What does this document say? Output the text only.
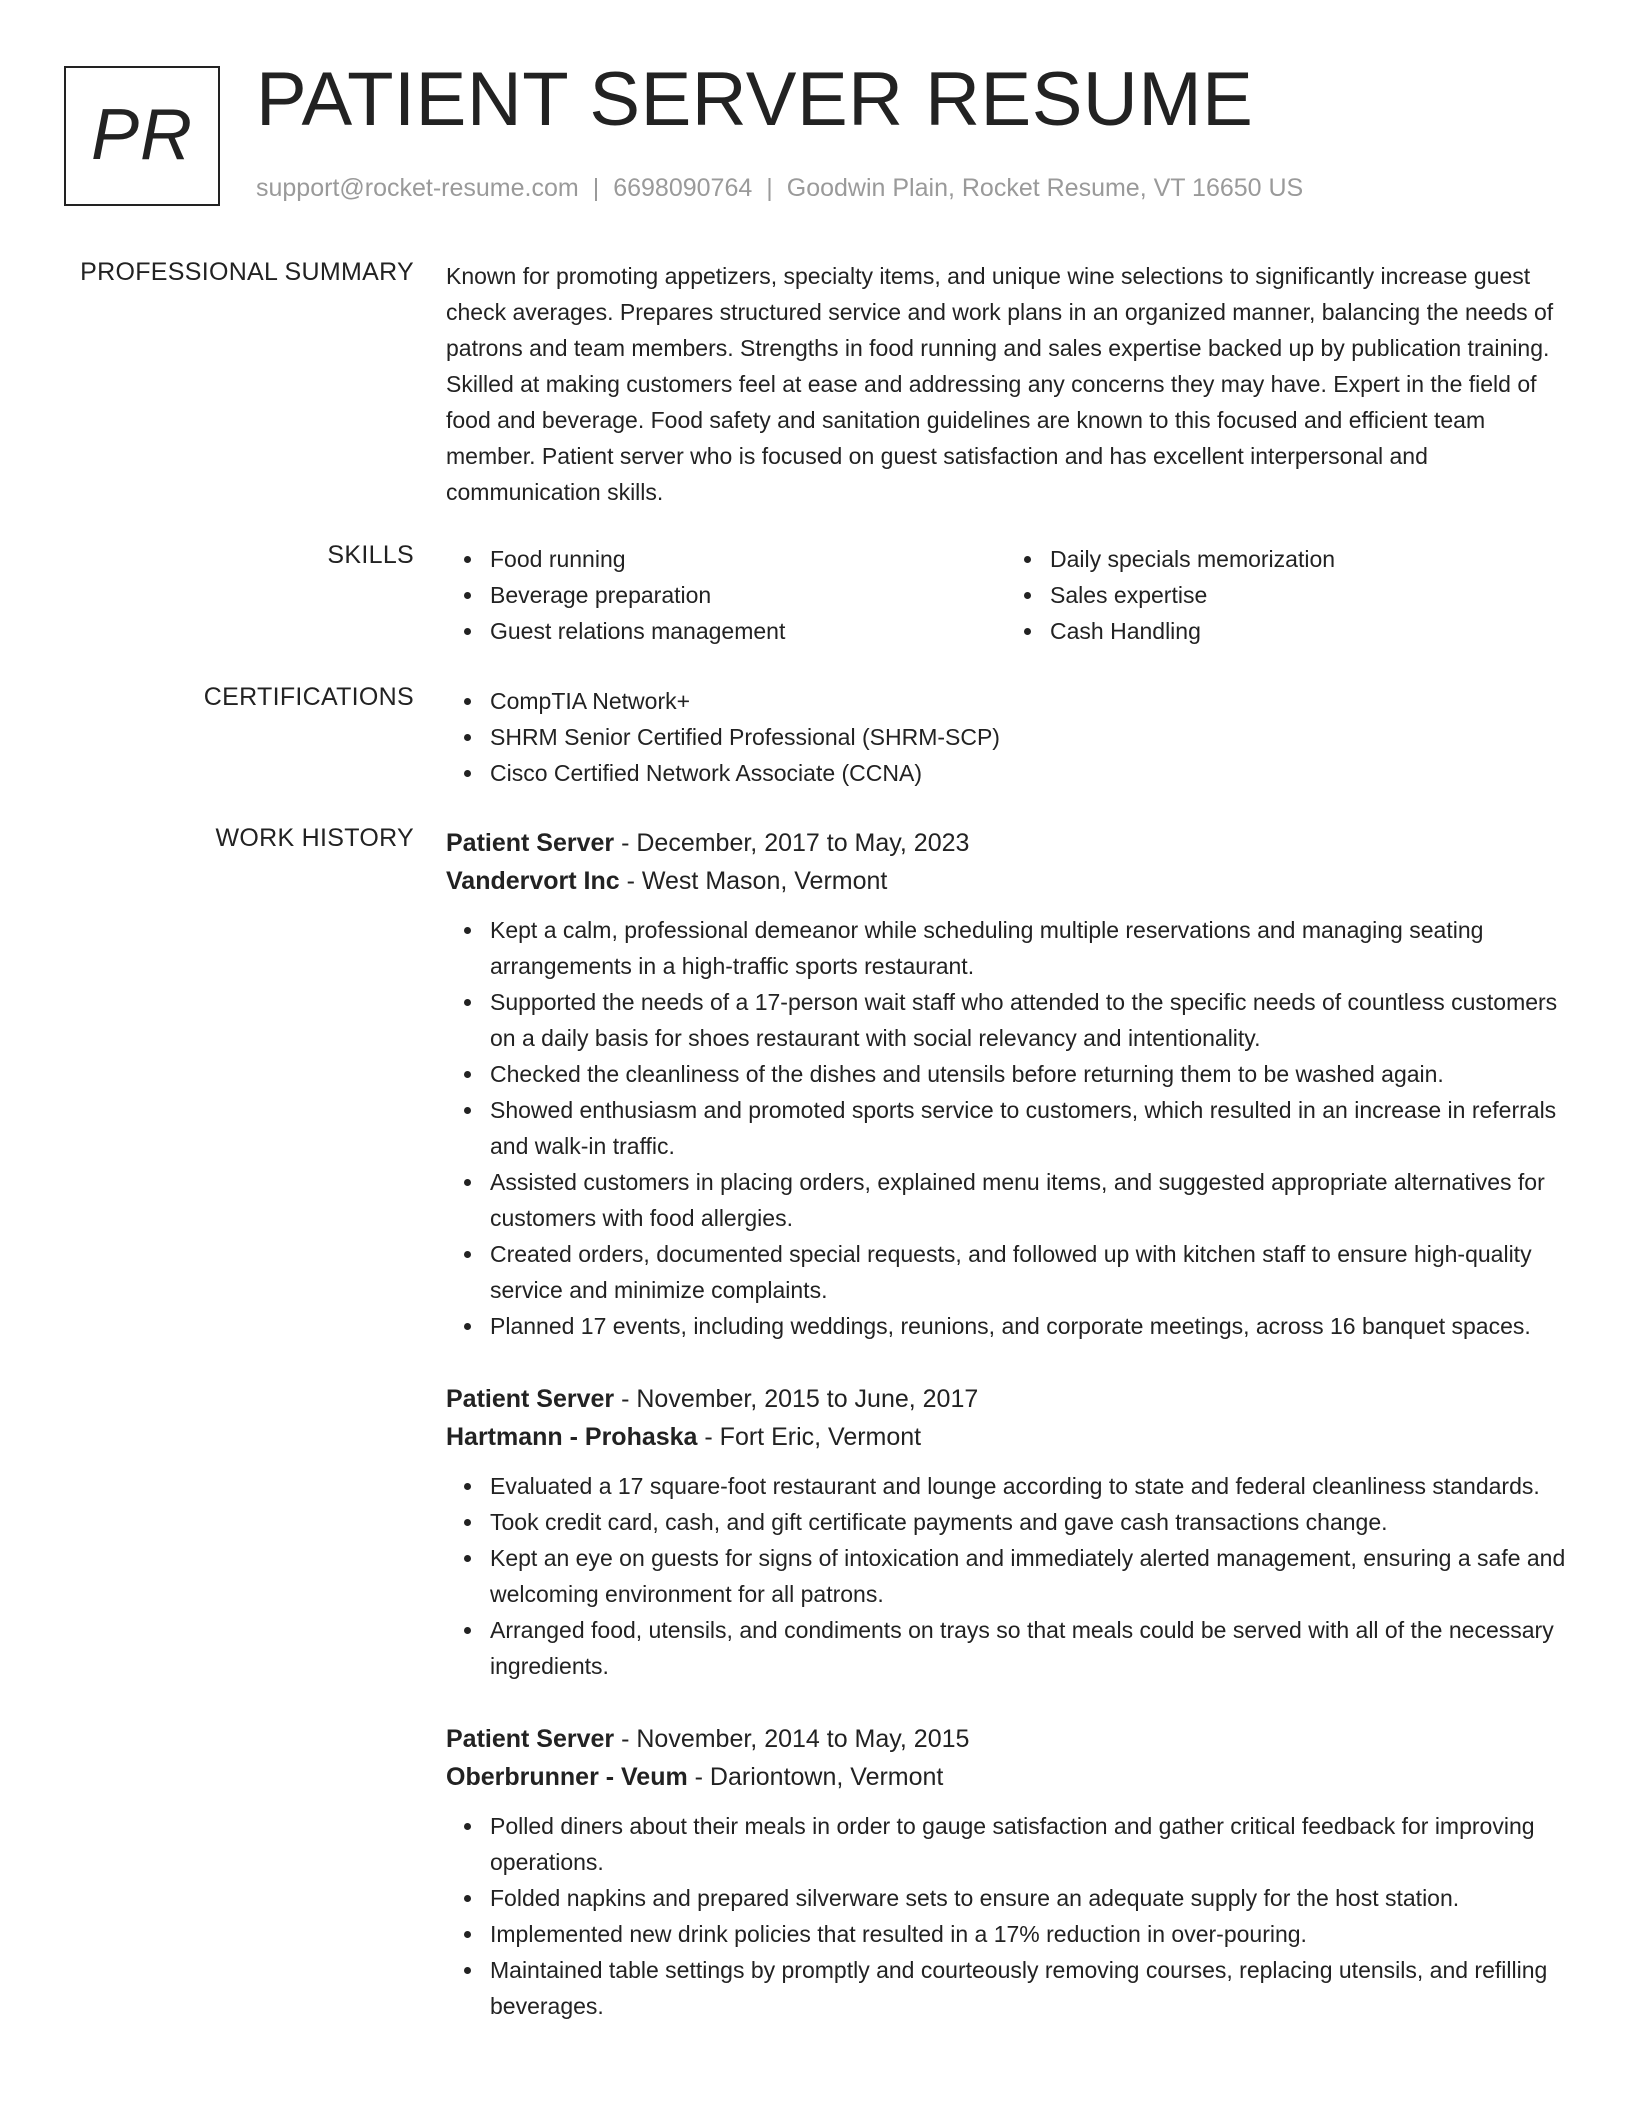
PR PATIENT SERVER RESUME
support@rocket-resume.com | 6698090764 | Goodwin Plain, Rocket Resume, VT 16650 US
PROFESSIONAL SUMMARY Known for promoting appetizers, specialty items, and unique wine selections to significantly increase guest check averages. Prepares structured service and work plans in an organized manner, balancing the needs of patrons and team members. Strengths in food running and sales expertise backed up by publication training. Skilled at making customers feel at ease and addressing any concerns they may have. Expert in the field of food and beverage. Food safety and sanitation guidelines are known to this focused and efficient team member. Patient server who is focused on guest satisfaction and has excellent interpersonal and communication skills.

SKILLS	Food running
Beverage preparation
Guest relations management
Daily specials memorization
Sales expertise
Cash Handling
CERTIFICATIONS	CompTIA Network+
SHRM Senior Certified Professional (SHRM-SCP)
Cisco Certified Network Associate (CCNA)
WORK HISTORY Patient Server - December, 2017 to May, 2023
Vandervort Inc - West Mason, Vermont
Kept a calm, professional demeanor while scheduling multiple reservations and managing seating arrangements in a high-traffic sports restaurant.
Supported the needs of a 17-person wait staff who attended to the specific needs of countless customers on a daily basis for shoes restaurant with social relevancy and intentionality.
Checked the cleanliness of the dishes and utensils before returning them to be washed again.
Showed enthusiasm and promoted sports service to customers, which resulted in an increase in referrals and walk-in traffic.
Assisted customers in placing orders, explained menu items, and suggested appropriate alternatives for customers with food allergies.
Created orders, documented special requests, and followed up with kitchen staff to ensure high-quality service and minimize complaints.
Planned 17 events, including weddings, reunions, and corporate meetings, across 16 banquet spaces.
Patient Server - November, 2015 to June, 2017
Hartmann - Prohaska - Fort Eric, Vermont
Evaluated a 17 square-foot restaurant and lounge according to state and federal cleanliness standards.
Took credit card, cash, and gift certificate payments and gave cash transactions change.
Kept an eye on guests for signs of intoxication and immediately alerted management, ensuring a safe and welcoming environment for all patrons.
Arranged food, utensils, and condiments on trays so that meals could be served with all of the necessary ingredients.
Patient Server - November, 2014 to May, 2015
Oberbrunner - Veum - Dariontown, Vermont
Polled diners about their meals in order to gauge satisfaction and gather critical feedback for improving operations.
Folded napkins and prepared silverware sets to ensure an adequate supply for the host station.
Implemented new drink policies that resulted in a 17% reduction in over-pouring.
Maintained table settings by promptly and courteously removing courses, replacing utensils, and refilling beverages.
